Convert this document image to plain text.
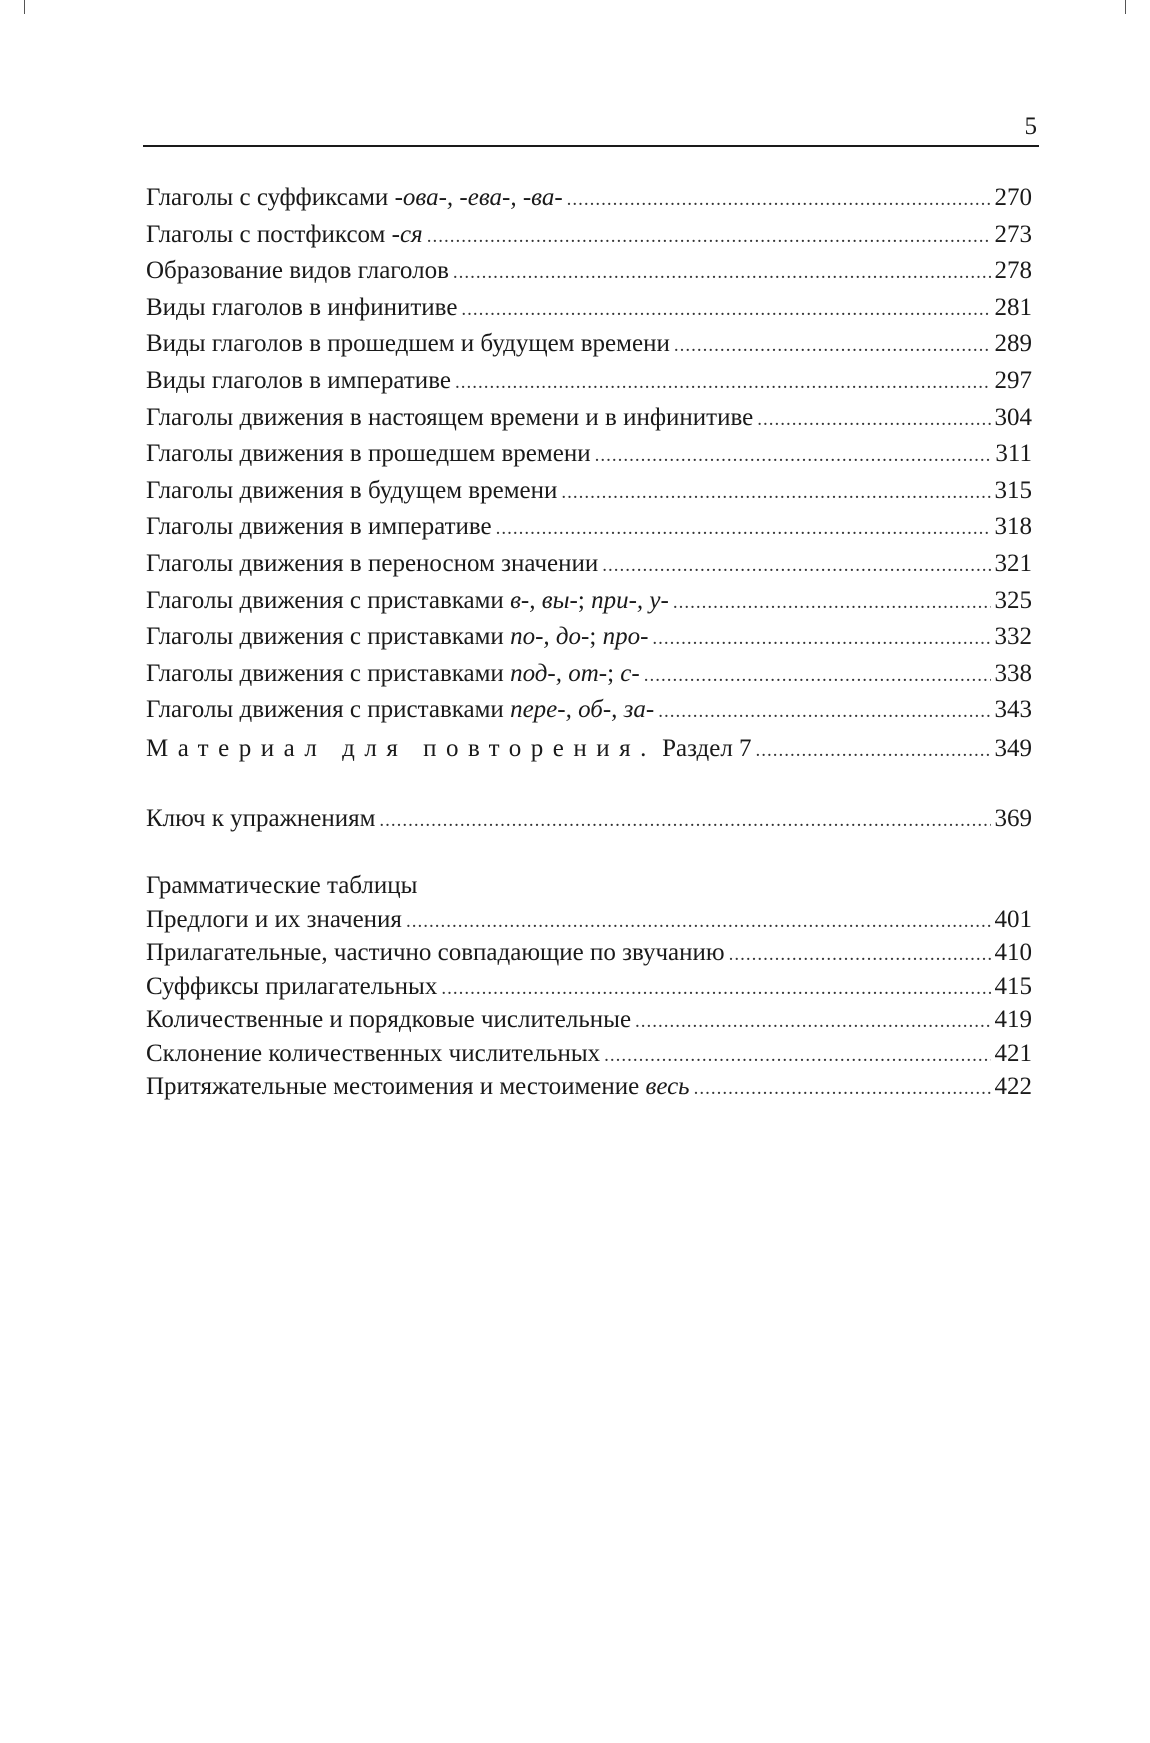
5
Глаголы с суффиксами -ова-, -ева-, -ва- .....	270
Глаголы с постфиксом -ся .....	273
Образование видов глаголов .....	278
Виды глаголов в инфинитиве .....	281
Виды глаголов в прошедшем и будущем времени .....	289
Виды глаголов в императиве .....	297
Глаголы движения в настоящем времени и в инфинитиве .....	304
Глаголы движения в прошедшем времени .....	311
Глаголы движения в будущем времени .....	315
Глаголы движения в императиве .....	318
Глаголы движения в переносном значении .....	321
Глаголы движения с приставками в-, вы-; при-, у- .....	325
Глаголы движения с приставками по-, до-; про- .....	332
Глаголы движения с приставками под-, от-; с- .....	338
Глаголы движения с приставками пере-, об-, за- .....	343
Материал для повторения. Раздел 7 .....	349
Ключ к упражнениям .....	369
Грамматические таблицы
Предлоги и их значения .....	401
Прилагательные, частично совпадающие по звучанию .....	410
Суффиксы прилагательных .....	415
Количественные и порядковые числительные .....	419
Склонение количественных числительных .....	421
Притяжательные местоимения и местоимение весь .....	422
